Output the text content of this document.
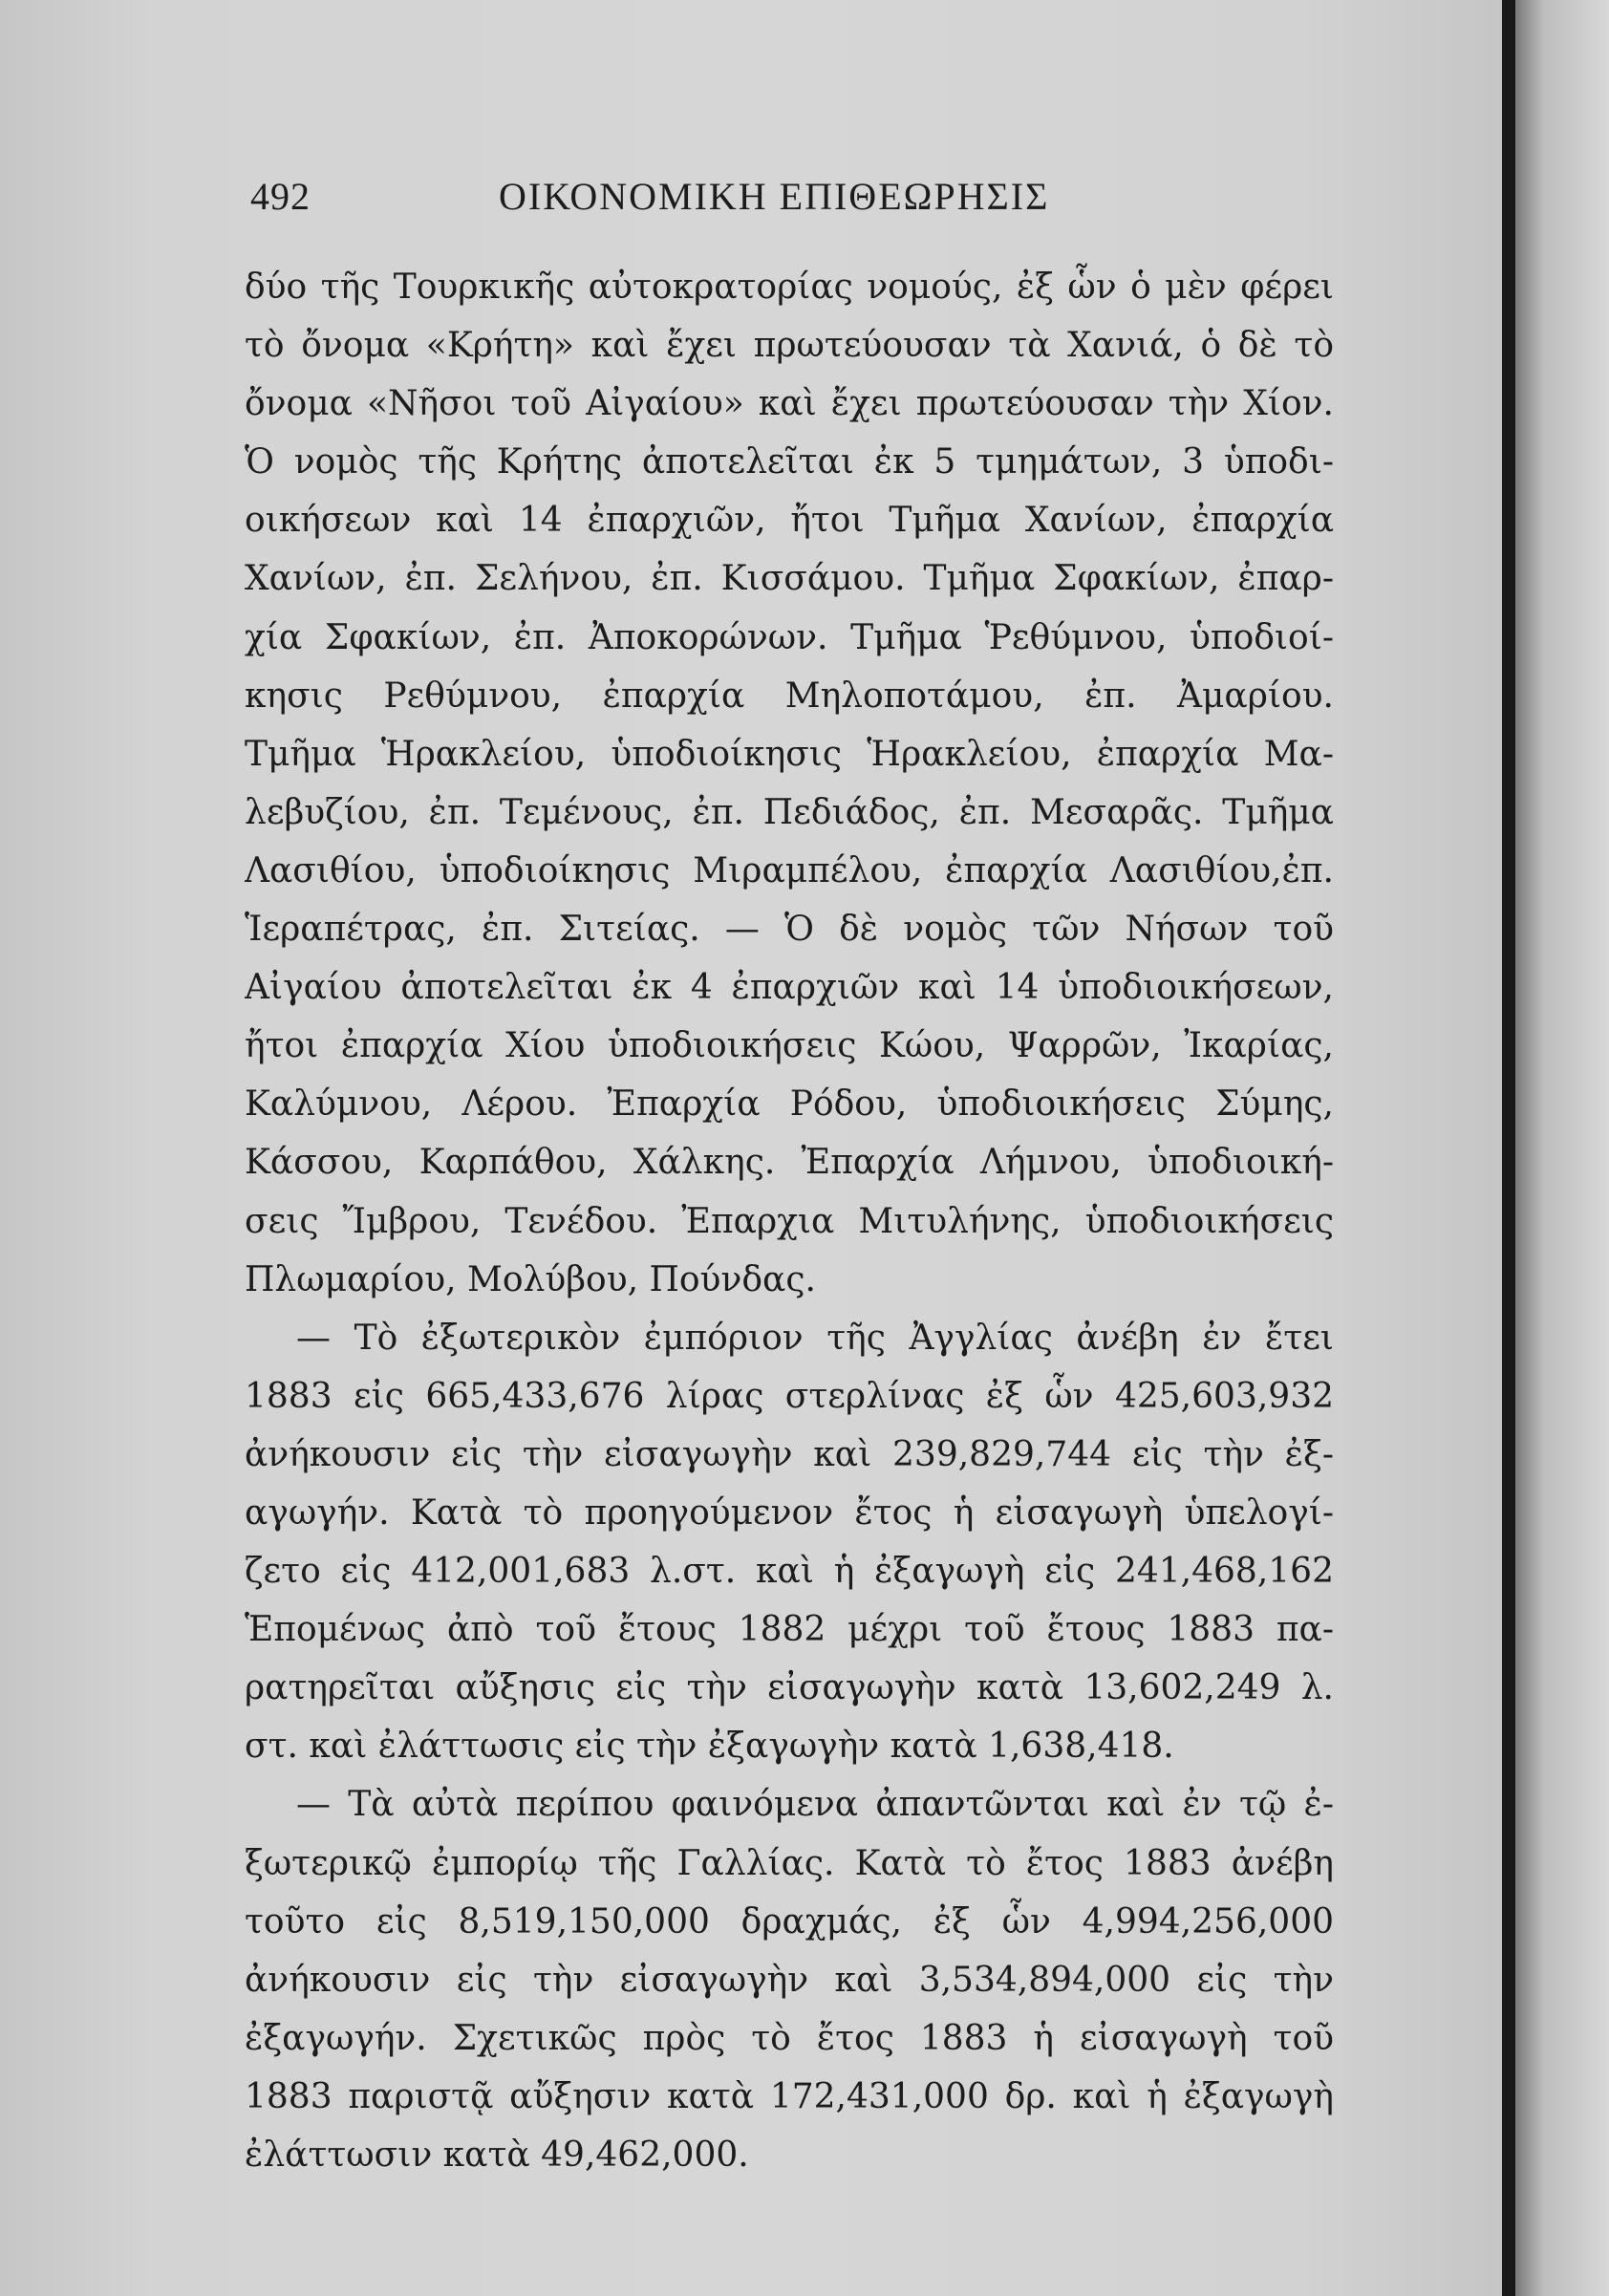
492	ΟΙΚΟΝΟΜΙΚΗ ΕΠΙΘΕΩΡΗΣΙΣ
δύο τῆς Τουρκικῆς αὐτοκρατορίας νομούς, ἐξ ὧν ὁ μὲν φέρει
τὸ ὄνομα «Κρήτη» καὶ ἔχει πρωτεύουσαν τὰ Χανιά, ὁ δὲ τὸ
ὄνομα «Νῆσοι τοῦ Αἰγαίου» καὶ ἔχει πρωτεύουσαν τὴν Χίον.
Ὁ νομὸς τῆς Κρήτης ἀποτελεῖται ἐκ 5 τμημάτων, 3 ὑποδι-
οικήσεων καὶ 14 ἐπαρχιῶν, ἤτοι Τμῆμα Χανίων, ἐπαρχία
Χανίων, ἐπ. Σελήνου, ἐπ. Κισσάμου. Τμῆμα Σφακίων, ἐπαρ-
χία Σφακίων, ἐπ. Ἀποκορώνων. Τμῆμα Ῥεθύμνου, ὑποδιοί-
κησις Ρεθύμνου, ἐπαρχία Μηλοποτάμου, ἐπ. Ἀμαρίου.
Τμῆμα Ἡρακλείου, ὑποδιοίκησις Ἡρακλείου, ἐπαρχία Μα-
λεβυζίου, ἐπ. Τεμένους, ἐπ. Πεδιάδος, ἐπ. Μεσαρᾶς. Τμῆμα
Λασιθίου, ὑποδιοίκησις Μιραμπέλου, ἐπαρχία Λασιθίου,ἐπ.
Ἱεραπέτρας, ἐπ. Σιτείας. — Ὁ δὲ νομὸς τῶν Νήσων τοῦ
Αἰγαίου ἀποτελεῖται ἐκ 4 ἐπαρχιῶν καὶ 14 ὑποδιοικήσεων,
ἤτοι ἐπαρχία Χίου ὑποδιοικήσεις Κώου, Ψαρρῶν, Ἰκαρίας,
Καλύμνου, Λέρου. Ἐπαρχία Ρόδου, ὑποδιοικήσεις Σύμης,
Κάσσου, Καρπάθου, Χάλκης. Ἐπαρχία Λήμνου, ὑποδιοική-
σεις Ἴμβρου, Τενέδου. Ἐπαρχια Μιτυλήνης, ὑποδιοικήσεις
Πλωμαρίου, Μολύβου, Πούνδας.
— Τὸ ἐξωτερικὸν ἐμπόριον τῆς Ἀγγλίας ἀνέβη ἐν ἔτει
1883 εἰς 665,433,676 λίρας στερλίνας ἐξ ὧν 425,603,932
ἀνήκουσιν εἰς τὴν εἰσαγωγὴν καὶ 239,829,744 εἰς τὴν ἐξ-
αγωγήν. Κατὰ τὸ προηγούμενον ἔτος ἡ εἰσαγωγὴ ὑπελογί-
ζετο εἰς 412,001,683 λ.στ. καὶ ἡ ἐξαγωγὴ εἰς 241,468,162
Ἑπομένως ἀπὸ τοῦ ἔτους 1882 μέχρι τοῦ ἔτους 1883 πα-
ρατηρεῖται αὔξησις εἰς τὴν εἰσαγωγὴν κατὰ 13,602,249 λ.
στ. καὶ ἐλάττωσις εἰς τὴν ἐξαγωγὴν κατὰ 1,638,418.
— Τὰ αὐτὰ περίπου φαινόμενα ἀπαντῶνται καὶ ἐν τῷ ἐ-
ξωτερικῷ ἐμπορίῳ τῆς Γαλλίας. Κατὰ τὸ ἔτος 1883 ἀνέβη
τοῦτο εἰς 8,519,150,000 δραχμάς, ἐξ ὧν 4,994,256,000
ἀνήκουσιν εἰς τὴν εἰσαγωγὴν καὶ 3,534,894,000 εἰς τὴν
ἐξαγωγήν. Σχετικῶς πρὸς τὸ ἔτος 1883 ἡ εἰσαγωγὴ τοῦ
1883 παριστᾷ αὔξησιν κατὰ 172,431,000 δρ. καὶ ἡ ἐξαγωγὴ
ἐλάττωσιν κατὰ 49,462,000.
